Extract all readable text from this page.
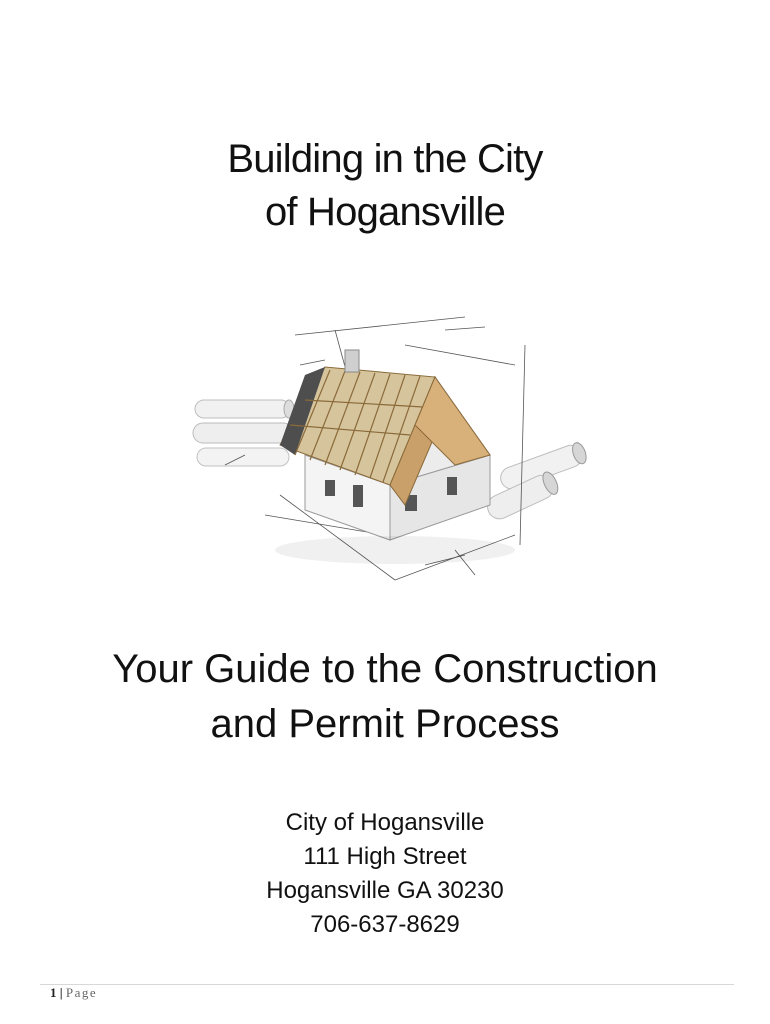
Building in the City
of Hogansville
Your Guide to the Construction
and Permit Process
City of Hogansville
111 High Street
Hogansville GA 30230
706-637-8629
1 | Page
